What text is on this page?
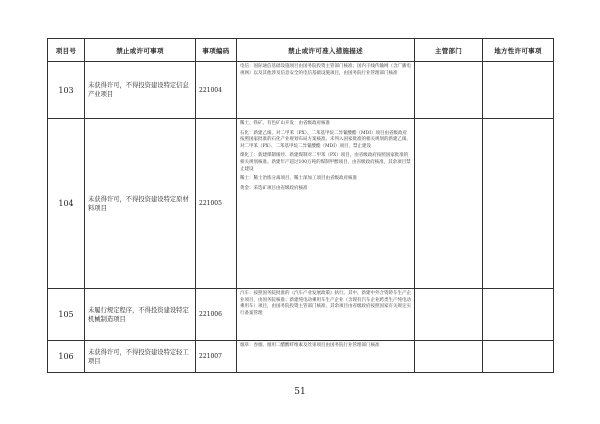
项目号	禁止或许可事项	事项编码	禁止或许可准入措施描述	主管部门	地方性许可事项
103	未获得许可，不得投资建设特定信息产业项目	221004	电信：国际通信基础设施项目由国务院投资主管部门核准；国内干线传输网（含广播电视网）以及其他涉及信息安全的电信基础设施项目，由国务院行业管理部门核准		

104	未获得许可，不得投资建设特定原材料项目	221005	稀土、铁矿、有色矿山开发：由省级政府核准

石化：新建乙烯、对二甲苯（PX）、二苯基甲烷二异氰酸酯（MDI）项目由省级政府按照国家批准的石化产业规划布局方案核准。未列入国家批准的相关规划的新建乙烯、对二甲苯（PX）、二苯基甲烷二异氰酸酯（MDI）项目，禁止建设

煤化工：新建煤制烯烃、新建煤制对二甲苯（PX）项目，由省级政府按照国家批准的相关规划核准。新建年产超过100万吨的煤制甲醇项目，由省级政府核准，其余项目禁止建设

稀土：稀土冶炼分离项目、稀土深加工项目由省级政府核准

黄金：采选矿项目由省级政府核准		

105	未履行规定程序，不得投资建设特定机械制造项目	221006	汽车：按照国务院批准的《汽车产业发展政策》执行。其中，新建中外合资轿车生产企业项目，由国务院核准；新建纯电动乘用车生产企业（含现有汽车企业跨类生产纯电动乘用车）项目，由国务院投资主管部门核准，其余项目由省级政府按照国家有关规定实行备案管理		

106	未获得许可，不得投资建设特定轻工项目	221007	烟草：卷烟、烟用二醋酸纤维素及丝束项目由国务院行业管理部门核准		

51
